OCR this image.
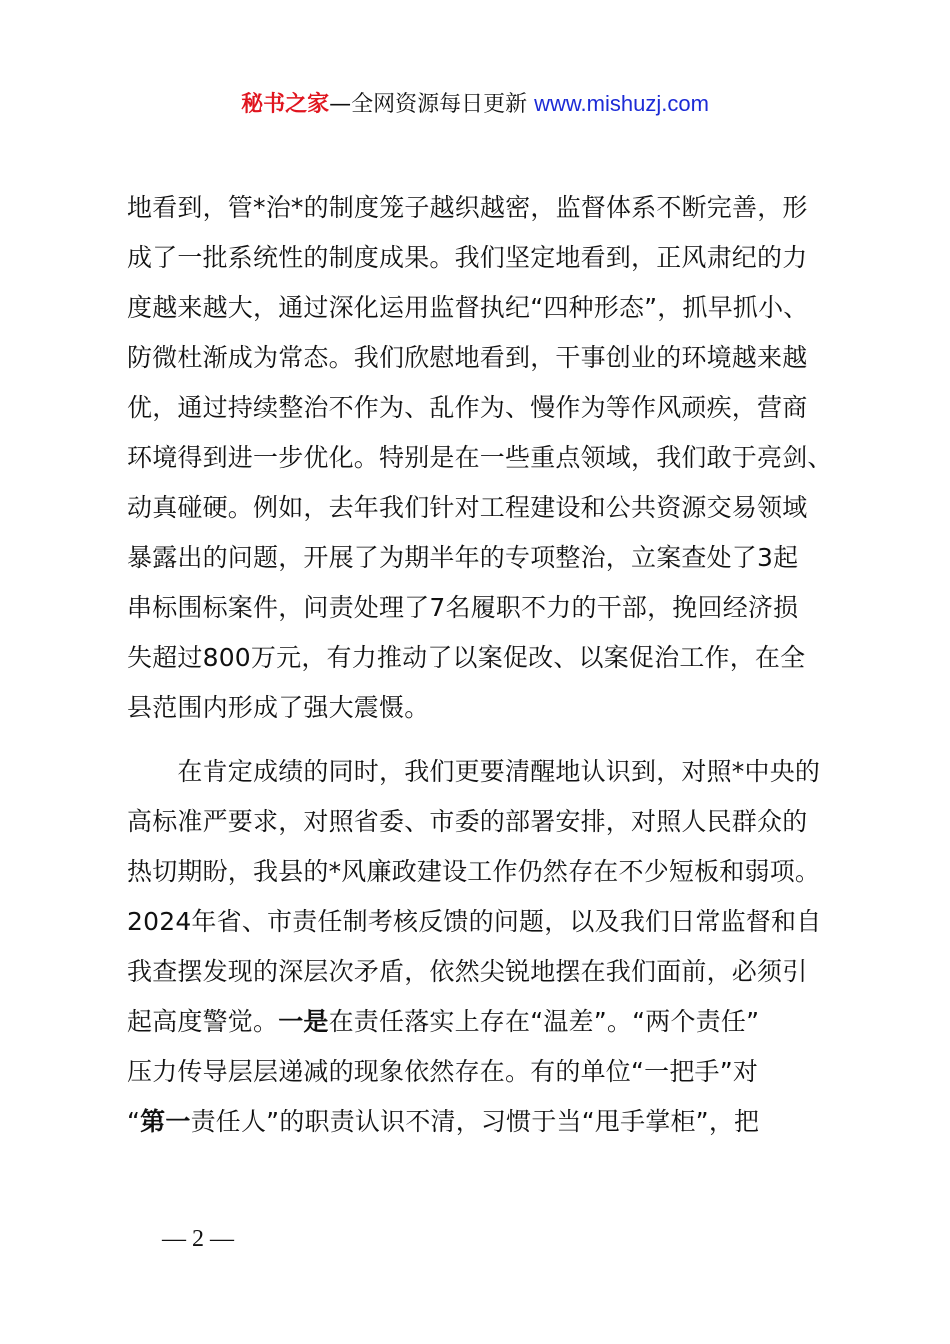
秘书之家—全网资源每日更新 www.mishuzj.com
地看到，管*治*的制度笼子越织越密，监督体系不断完善，形
成了一批系统性的制度成果。我们坚定地看到，正风肃纪的力
度越来越大，通过深化运用监督执纪“四种形态”，抓早抓小、
防微杜渐成为常态。我们欣慰地看到，干事创业的环境越来越
优，通过持续整治不作为、乱作为、慢作为等作风顽疾，营商
环境得到进一步优化。特别是在一些重点领域，我们敢于亮剑、
动真碰硬。例如，去年我们针对工程建设和公共资源交易领域
暴露出的问题，开展了为期半年的专项整治，立案查处了3起
串标围标案件，问责处理了7名履职不力的干部，挽回经济损
失超过800万元，有力推动了以案促改、以案促治工作，在全
县范围内形成了强大震慑。
　　在肯定成绩的同时，我们更要清醒地认识到，对照*中央的
高标准严要求，对照省委、市委的部署安排，对照人民群众的
热切期盼，我县的*风廉政建设工作仍然存在不少短板和弱项。
2024年省、市责任制考核反馈的问题，以及我们日常监督和自
我查摆发现的深层次矛盾，依然尖锐地摆在我们面前，必须引
起高度警觉。一是在责任落实上存在“温差”。“两个责任”
压力传导层层递减的现象依然存在。有的单位“一把手”对
“第一责任人”的职责认识不清，习惯于当“甩手掌柜”，把
— 2 —
